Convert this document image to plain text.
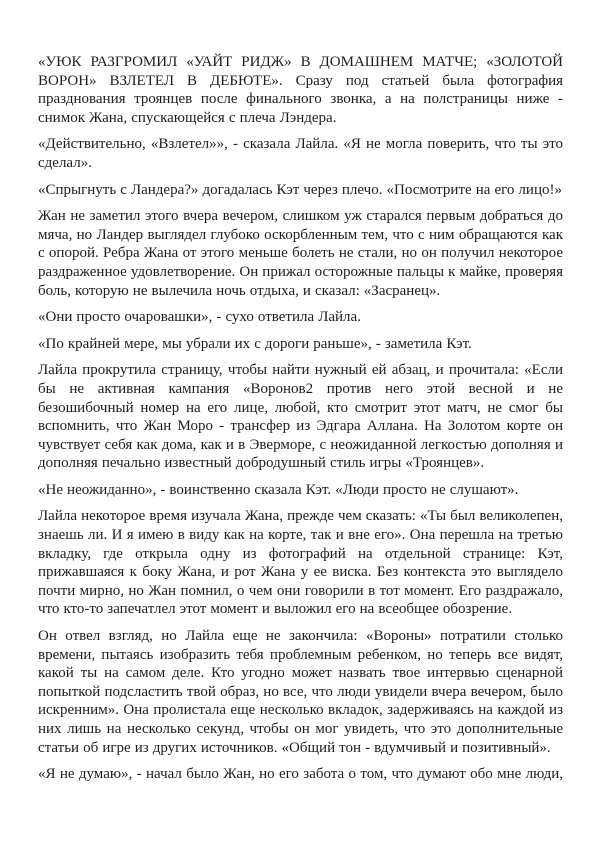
«УЮК РАЗГРОМИЛ «УАЙТ РИДЖ» В ДОМАШНЕМ МАТЧЕ; «ЗОЛОТОЙ ВОРОН» ВЗЛЕТЕЛ В ДЕБЮТЕ». Сразу под статьей была фотография празднования троянцев после финального звонка, а на полстраницы ниже - снимок Жана, спускающейся с плеча Лэндера.

«Действительно, «Взлетел»», - сказала Лайла. «Я не могла поверить, что ты это сделал».

«Спрыгнуть с Ландера?» догадалась Кэт через плечо. «Посмотрите на его лицо!»

Жан не заметил этого вчера вечером, слишком уж старался первым добраться до мяча, но Ландер выглядел глубоко оскорбленным тем, что с ним обращаются как с опорой. Ребра Жана от этого меньше болеть не стали, но он получил некоторое раздраженное удовлетворение. Он прижал осторожные пальцы к майке, проверяя боль, которую не вылечила ночь отдыха, и сказал: «Засранец».

«Они просто очаровашки», - сухо ответила Лайла.

«По крайней мере, мы убрали их с дороги раньше», - заметила Кэт.

Лайла прокрутила страницу, чтобы найти нужный ей абзац, и прочитала: «Если бы не активная кампания «Воронов2 против него этой весной и не безошибочный номер на его лице, любой, кто смотрит этот матч, не смог бы вспомнить, что Жан Моро - трансфер из Эдгара Аллана. На Золотом корте он чувствует себя как дома, как и в Эверморе, с неожиданной легкостью дополняя и дополняя печально известный добродушный стиль игры «Троянцев».

«Не неожиданно», - воинственно сказала Кэт. «Люди просто не слушают».

Лайла некоторое время изучала Жана, прежде чем сказать: «Ты был великолепен, знаешь ли. И я имею в виду как на корте, так и вне его». Она перешла на третью вкладку, где открыла одну из фотографий на отдельной странице: Кэт, прижавшаяся к боку Жана, и рот Жана у ее виска. Без контекста это выглядело почти мирно, но Жан помнил, о чем они говорили в тот момент. Его раздражало, что кто-то запечатлел этот момент и выложил его на всеобщее обозрение.

Он отвел взгляд, но Лайла еще не закончила: «Вороны» потратили столько времени, пытаясь изобразить тебя проблемным ребенком, но теперь все видят, какой ты на самом деле. Кто угодно может назвать твое интервью сценарной попыткой подсластить твой образ, но все, что люди увидели вчера вечером, было искренним». Она пролистала еще несколько вкладок, задерживаясь на каждой из них лишь на несколько секунд, чтобы он мог увидеть, что это дополнительные статьи об игре из других источников. «Общий тон - вдумчивый и позитивный».

«Я не думаю», - начал было Жан, но его забота о том, что думают обо мне люди,
